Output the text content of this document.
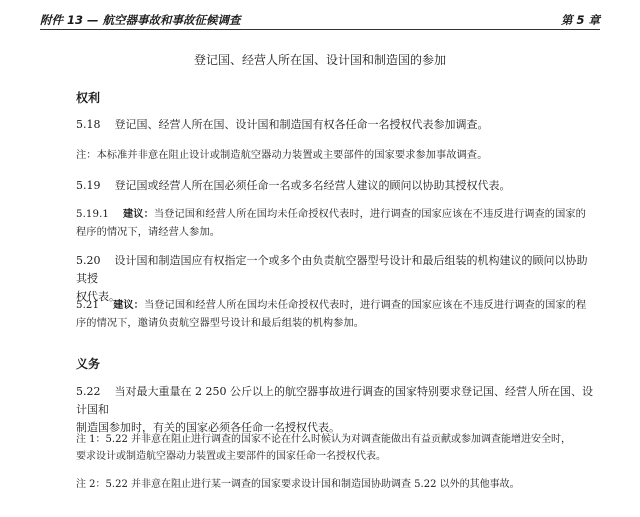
附件 13 — 航空器事故和事故征候调查	第 5 章
登记国、经营人所在国、设计国和制造国的参加
权利

5.18 登记国、经营人所在国、设计国和制造国有权各任命一名授权代表参加调查。

注：本标准并非意在阻止设计或制造航空器动力装置或主要部件的国家要求参加事故调查。

5.19 登记国或经营人所在国必须任命一名或多名经营人建议的顾问以协助其授权代表。

5.19.1 建议：当登记国和经营人所在国均未任命授权代表时，进行调查的国家应该在不违反进行调查的国家的
程序的情况下，请经营人参加。

5.20 设计国和制造国应有权指定一个或多个由负责航空器型号设计和最后组装的机构建议的顾问以协助其授
权代表。

5.21 建议：当登记国和经营人所在国均未任命授权代表时，进行调查的国家应该在不违反进行调查的国家的程
序的情况下，邀请负责航空器型号设计和最后组装的机构参加。

义务

5.22 当对最大重量在 2 250 公斤以上的航空器事故进行调查的国家特别要求登记国、经营人所在国、设计国和
制造国参加时，有关的国家必须各任命一名授权代表。

注 1：5.22 并非意在阻止进行调查的国家不论在什么时候认为对调查能做出有益贡献或参加调查能增进安全时，
要求设计或制造航空器动力装置或主要部件的国家任命一名授权代表。

注 2：5.22 并非意在阻止进行某一调查的国家要求设计国和制造国协助调查 5.22 以外的其他事故。
